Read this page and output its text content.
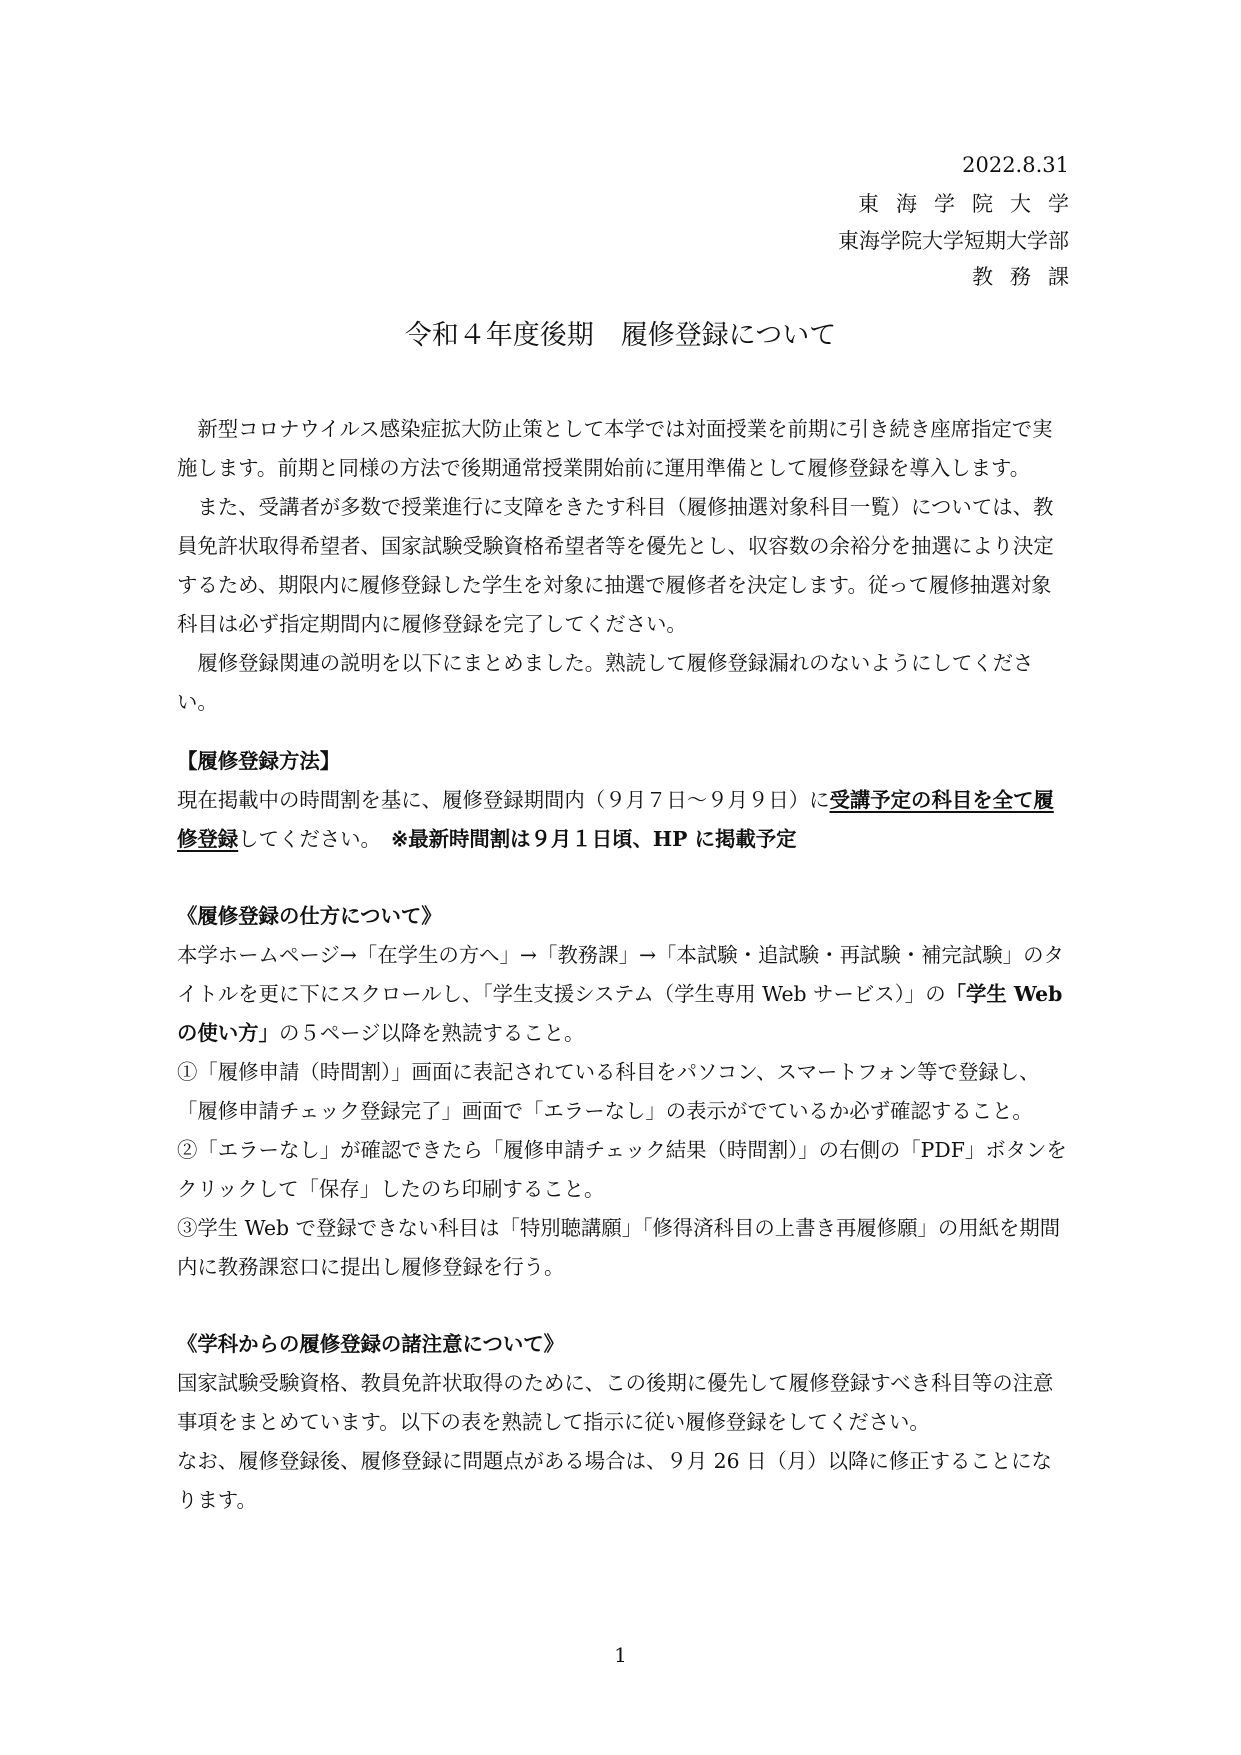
2022.8.31
東海学院大学
東海学院大学短期大学部
教務課
令和４年度後期　履修登録について

新型コロナウイルス感染症拡大防止策として本学では対面授業を前期に引き続き座席指定で実施します。前期と同様の方法で後期通常授業開始前に運用準備として履修登録を導入します。

また、受講者が多数で授業進行に支障をきたす科目（履修抽選対象科目一覧）については、教員免許状取得希望者、国家試験受験資格希望者等を優先とし、収容数の余裕分を抽選により決定するため、期限内に履修登録した学生を対象に抽選で履修者を決定します。従って履修抽選対象科目は必ず指定期間内に履修登録を完了してください。

履修登録関連の説明を以下にまとめました。熟読して履修登録漏れのないようにしてください。

【履修登録方法】

現在掲載中の時間割を基に、履修登録期間内（９月７日～９月９日）に受講予定の科目を全て履修登録してください。　※最新時間割は９月１日頃、HP に掲載予定

《履修登録の仕方について》

本学ホームページ→「在学生の方へ」→「教務課」→「本試験・追試験・再試験・補完試験」のタイトルを更に下にスクロールし、「学生支援システム（学生専用 Web サービス）」の「学生 Web の使い方」の５ページ以降を熟読すること。

①「履修申請（時間割）」画面に表記されている科目をパソコン、スマートフォン等で登録し、「履修申請チェック登録完了」画面で「エラーなし」の表示がでているか必ず確認すること。

②「エラーなし」が確認できたら「履修申請チェック結果（時間割）」の右側の「PDF」ボタンをクリックして「保存」したのち印刷すること。

③学生 Web で登録できない科目は「特別聴講願」「修得済科目の上書き再履修願」の用紙を期間内に教務課窓口に提出し履修登録を行う。

《学科からの履修登録の諸注意について》

国家試験受験資格、教員免許状取得のために、この後期に優先して履修登録すべき科目等の注意事項をまとめています。以下の表を熟読して指示に従い履修登録をしてください。

なお、履修登録後、履修登録に問題点がある場合は、９月 26 日（月）以降に修正することになります。

1
